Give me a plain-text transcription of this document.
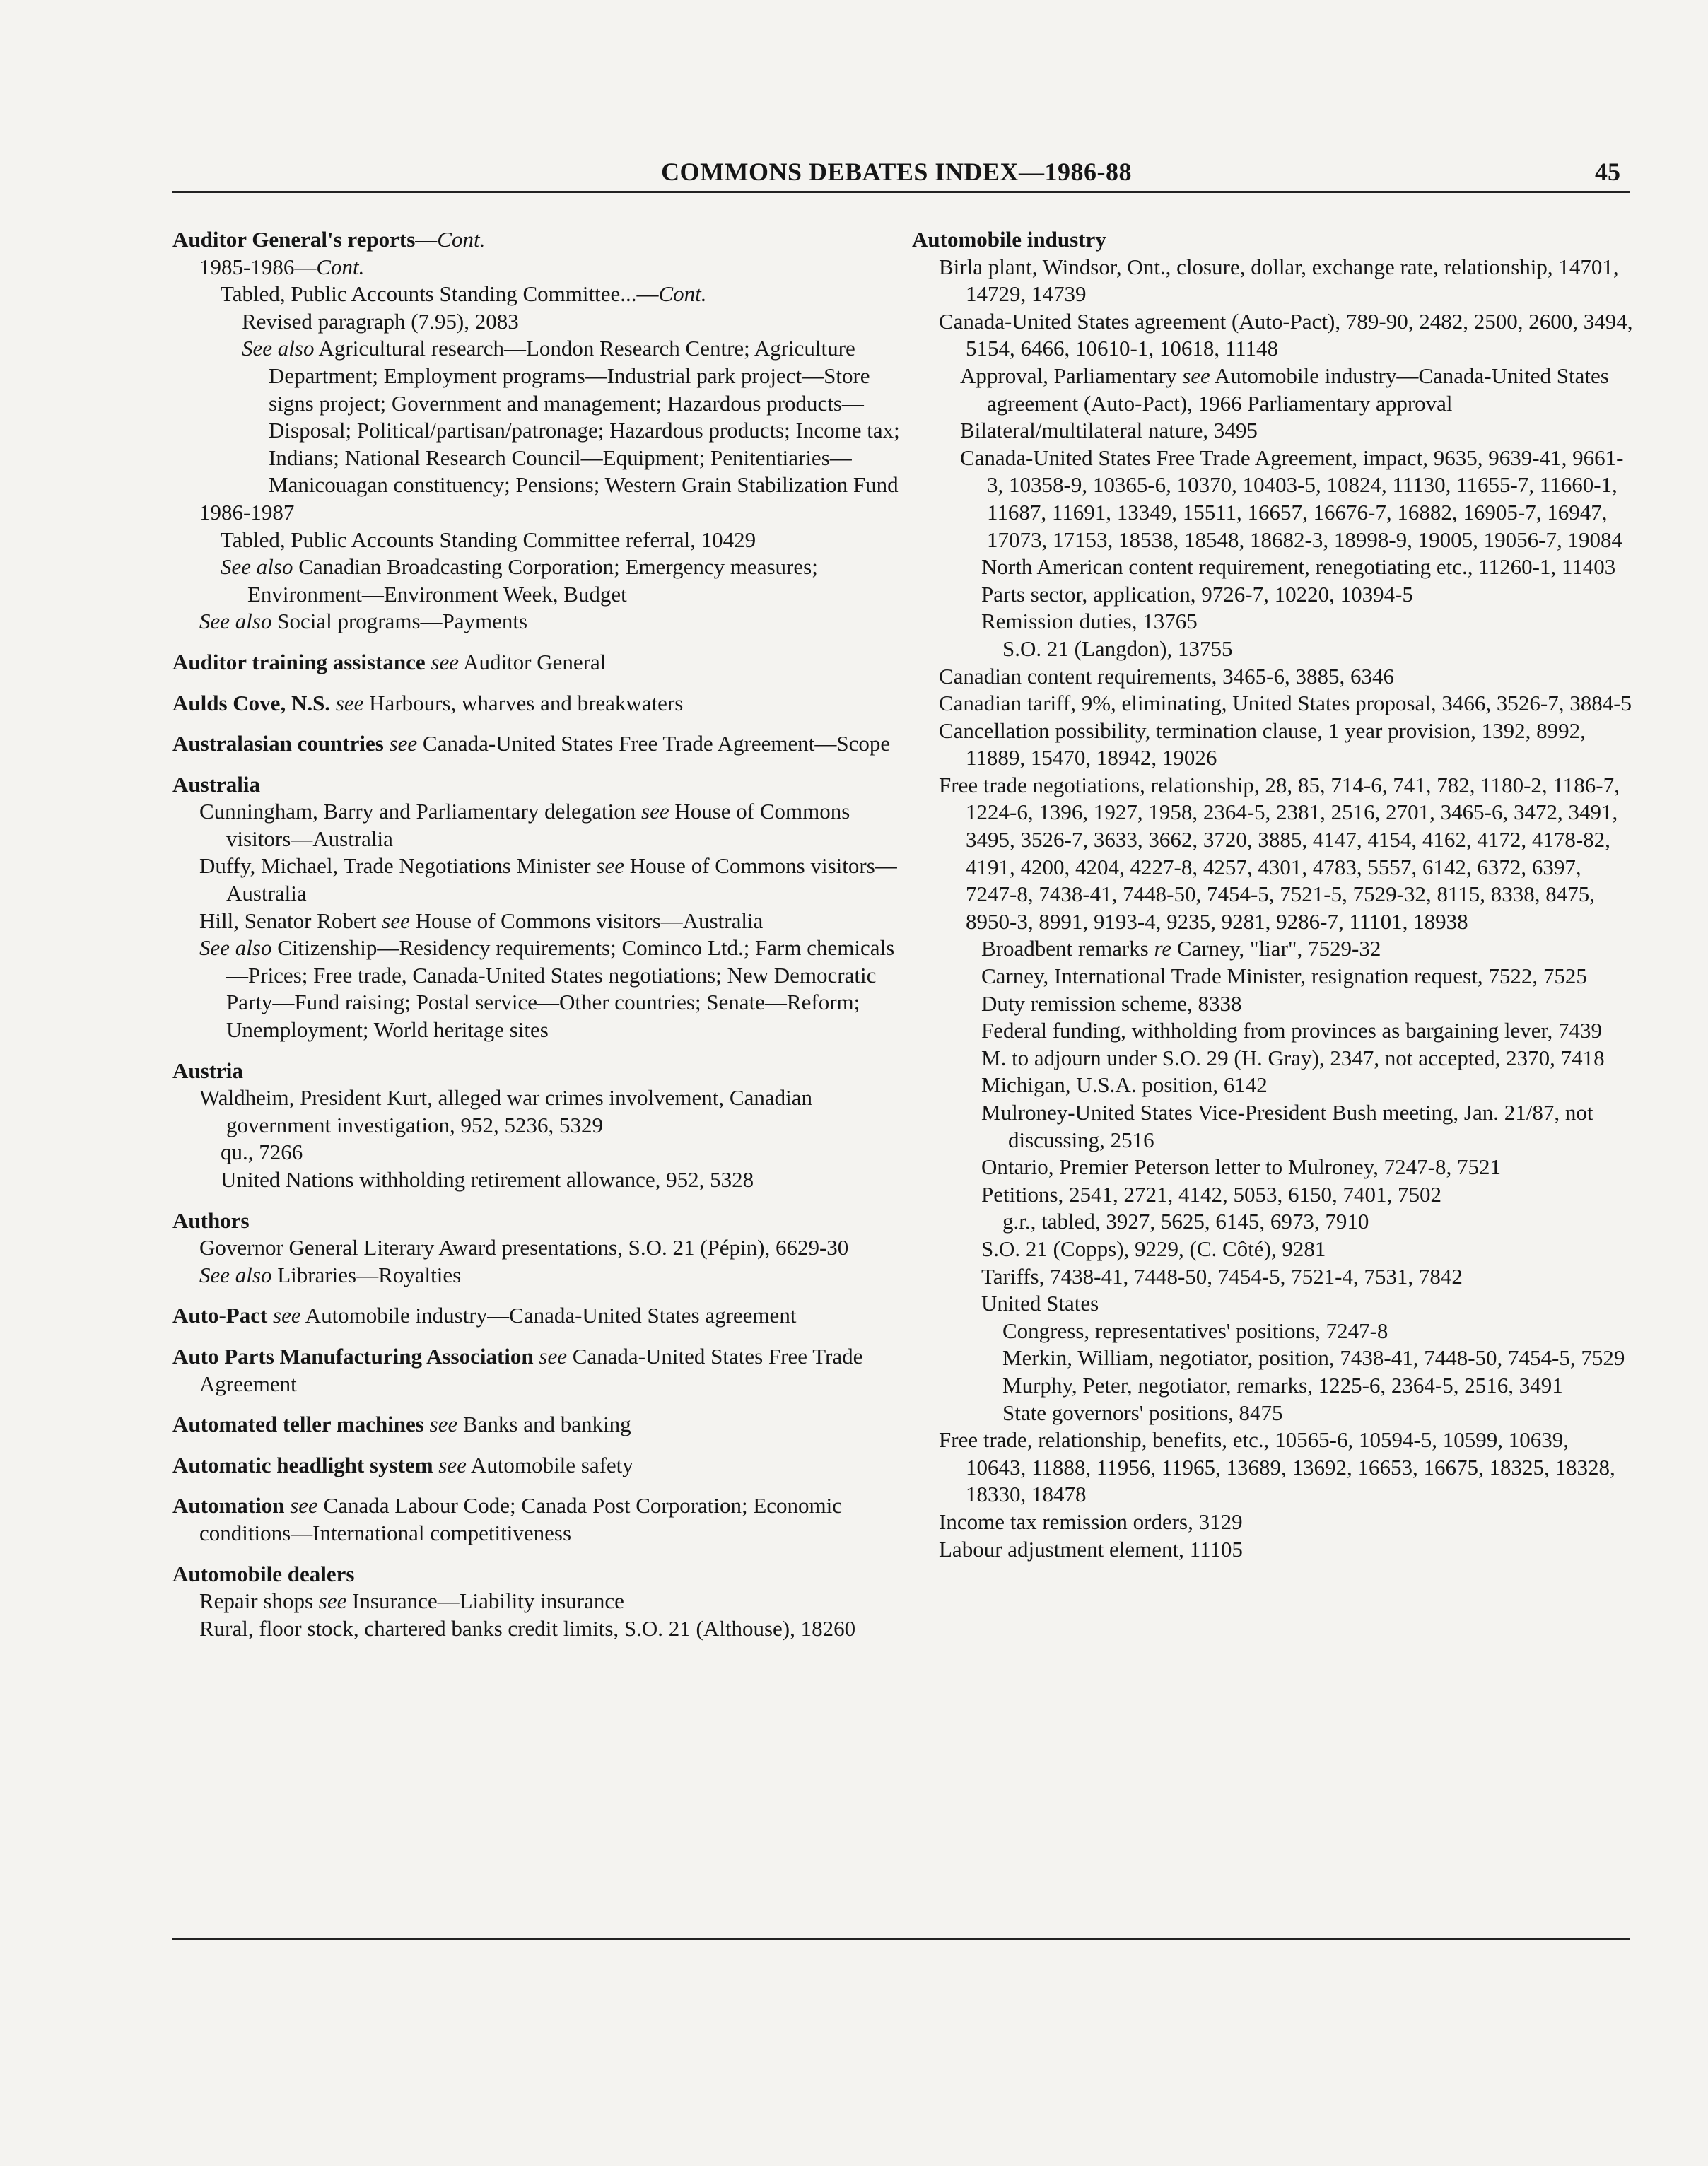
COMMONS DEBATES INDEX—1986-88	45
Auditor General's reports—Cont.
1985-1986—Cont.
Tabled, Public Accounts Standing Committee...—Cont.
Revised paragraph (7.95), 2083
See also Agricultural research—London Research Centre; Agriculture Department; Employment programs—Industrial park project—Store signs project; Government and management; Hazardous products—Disposal; Political/partisan/patronage; Hazardous products; Income tax; Indians; National Research Council—Equipment; Penitentiaries—Manicouagan constituency; Pensions; Western Grain Stabilization Fund
1986-1987
Tabled, Public Accounts Standing Committee referral, 10429
See also Canadian Broadcasting Corporation; Emergency measures; Environment—Environment Week, Budget
See also Social programs—Payments
Auditor training assistance see Auditor General
Aulds Cove, N.S. see Harbours, wharves and breakwaters
Australasian countries see Canada-United States Free Trade Agreement—Scope
Australia
Cunningham, Barry and Parliamentary delegation see House of Commons visitors—Australia
Duffy, Michael, Trade Negotiations Minister see House of Commons visitors—Australia
Hill, Senator Robert see House of Commons visitors—Australia
See also Citizenship—Residency requirements; Cominco Ltd.; Farm chemicals—Prices; Free trade, Canada-United States negotiations; New Democratic Party—Fund raising; Postal service—Other countries; Senate—Reform; Unemployment; World heritage sites
Austria
Waldheim, President Kurt, alleged war crimes involvement, Canadian government investigation, 952, 5236, 5329
qu., 7266
United Nations withholding retirement allowance, 952, 5328
Authors
Governor General Literary Award presentations, S.O. 21 (Pépin), 6629-30
See also Libraries—Royalties
Auto-Pact see Automobile industry—Canada-United States agreement
Auto Parts Manufacturing Association see Canada-United States Free Trade Agreement
Automated teller machines see Banks and banking
Automatic headlight system see Automobile safety
Automation see Canada Labour Code; Canada Post Corporation; Economic conditions—International competitiveness
Automobile dealers
Repair shops see Insurance—Liability insurance
Rural, floor stock, chartered banks credit limits, S.O. 21 (Althouse), 18260
Automobile industry
Birla plant, Windsor, Ont., closure, dollar, exchange rate, relationship, 14701, 14729, 14739
Canada-United States agreement (Auto-Pact), 789-90, 2482, 2500, 2600, 3494, 5154, 6466, 10610-1, 10618, 11148
Approval, Parliamentary see Automobile industry—Canada-United States agreement (Auto-Pact), 1966 Parliamentary approval
Bilateral/multilateral nature, 3495
Canada-United States Free Trade Agreement, impact, 9635, 9639-41, 9661-3, 10358-9, 10365-6, 10370, 10403-5, 10824, 11130, 11655-7, 11660-1, 11687, 11691, 13349, 15511, 16657, 16676-7, 16882, 16905-7, 16947, 17073, 17153, 18538, 18548, 18682-3, 18998-9, 19005, 19056-7, 19084
North American content requirement, renegotiating etc., 11260-1, 11403
Parts sector, application, 9726-7, 10220, 10394-5
Remission duties, 13765
S.O. 21 (Langdon), 13755
Canadian content requirements, 3465-6, 3885, 6346
Canadian tariff, 9%, eliminating, United States proposal, 3466, 3526-7, 3884-5
Cancellation possibility, termination clause, 1 year provision, 1392, 8992, 11889, 15470, 18942, 19026
Free trade negotiations, relationship, 28, 85, 714-6, 741, 782, 1180-2, 1186-7, 1224-6, 1396, 1927, 1958, 2364-5, 2381, 2516, 2701, 3465-6, 3472, 3491, 3495, 3526-7, 3633, 3662, 3720, 3885, 4147, 4154, 4162, 4172, 4178-82, 4191, 4200, 4204, 4227-8, 4257, 4301, 4783, 5557, 6142, 6372, 6397, 7247-8, 7438-41, 7448-50, 7454-5, 7521-5, 7529-32, 8115, 8338, 8475, 8950-3, 8991, 9193-4, 9235, 9281, 9286-7, 11101, 18938
Broadbent remarks re Carney, "liar", 7529-32
Carney, International Trade Minister, resignation request, 7522, 7525
Duty remission scheme, 8338
Federal funding, withholding from provinces as bargaining lever, 7439
M. to adjourn under S.O. 29 (H. Gray), 2347, not accepted, 2370, 7418
Michigan, U.S.A. position, 6142
Mulroney-United States Vice-President Bush meeting, Jan. 21/87, not discussing, 2516
Ontario, Premier Peterson letter to Mulroney, 7247-8, 7521
Petitions, 2541, 2721, 4142, 5053, 6150, 7401, 7502
g.r., tabled, 3927, 5625, 6145, 6973, 7910
S.O. 21 (Copps), 9229, (C. Côté), 9281
Tariffs, 7438-41, 7448-50, 7454-5, 7521-4, 7531, 7842
United States
Congress, representatives' positions, 7247-8
Merkin, William, negotiator, position, 7438-41, 7448-50, 7454-5, 7529
Murphy, Peter, negotiator, remarks, 1225-6, 2364-5, 2516, 3491
State governors' positions, 8475
Free trade, relationship, benefits, etc., 10565-6, 10594-5, 10599, 10639, 10643, 11888, 11956, 11965, 13689, 13692, 16653, 16675, 18325, 18328, 18330, 18478
Income tax remission orders, 3129
Labour adjustment element, 11105
